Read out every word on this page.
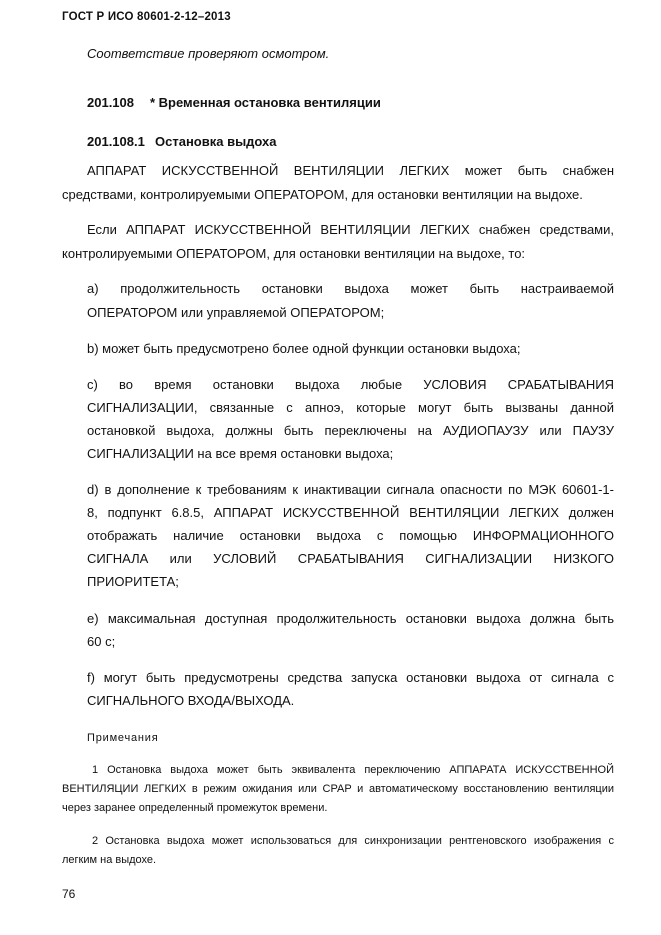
ГОСТ Р ИСО 80601-2-12–2013
Соответствие проверяют осмотром.
201.108 * Временная остановка вентиляции
201.108.1 Остановка выдоха
АППАРАТ ИСКУССТВЕННОЙ ВЕНТИЛЯЦИИ ЛЕГКИХ может быть снабжен
средствами, контролируемыми ОПЕРАТОРОМ, для остановки вентиляции на выдохе.
Если АППАРАТ ИСКУССТВЕННОЙ ВЕНТИЛЯЦИИ ЛЕГКИХ снабжен средствами,
контролируемыми ОПЕРАТОРОМ, для остановки вентиляции на выдохе, то:
a) продолжительность остановки выдоха может быть настраиваемой
ОПЕРАТОРОМ или управляемой ОПЕРАТОРОМ;
b) может быть предусмотрено более одной функции остановки выдоха;
c) во время остановки выдоха любые УСЛОВИЯ СРАБАТЫВАНИЯ
СИГНАЛИЗАЦИИ, связанные с апноэ, которые могут быть вызваны данной
остановкой выдоха, должны быть переключены на АУДИОПАУЗУ или ПАУЗУ
СИГНАЛИЗАЦИИ на все время остановки выдоха;
d) в дополнение к требованиям к инактивации сигнала опасности по МЭК 60601-1-
8, подпункт 6.8.5, АППАРАТ ИСКУССТВЕННОЙ ВЕНТИЛЯЦИИ ЛЕГКИХ должен
отображать наличие остановки выдоха с помощью ИНФОРМАЦИОННОГО
СИГНАЛА или УСЛОВИЙ СРАБАТЫВАНИЯ СИГНАЛИЗАЦИИ НИЗКОГО
ПРИОРИТЕТА;
e) максимальная доступная продолжительность остановки выдоха должна быть
60 с;
f) могут быть предусмотрены средства запуска остановки выдоха от сигнала с
СИГНАЛЬНОГО ВХОДА/ВЫХОДА.
Примечания
1 Остановка выдоха может быть эквивалента переключению АППАРАТА ИСКУССТВЕННОЙ
ВЕНТИЛЯЦИИ ЛЕГКИХ в режим ожидания или CPAP и автоматическому восстановлению вентиляции
через заранее определенный промежуток времени.
2 Остановка выдоха может использоваться для синхронизации рентгеновского изображения с
легким на выдохе.
76
